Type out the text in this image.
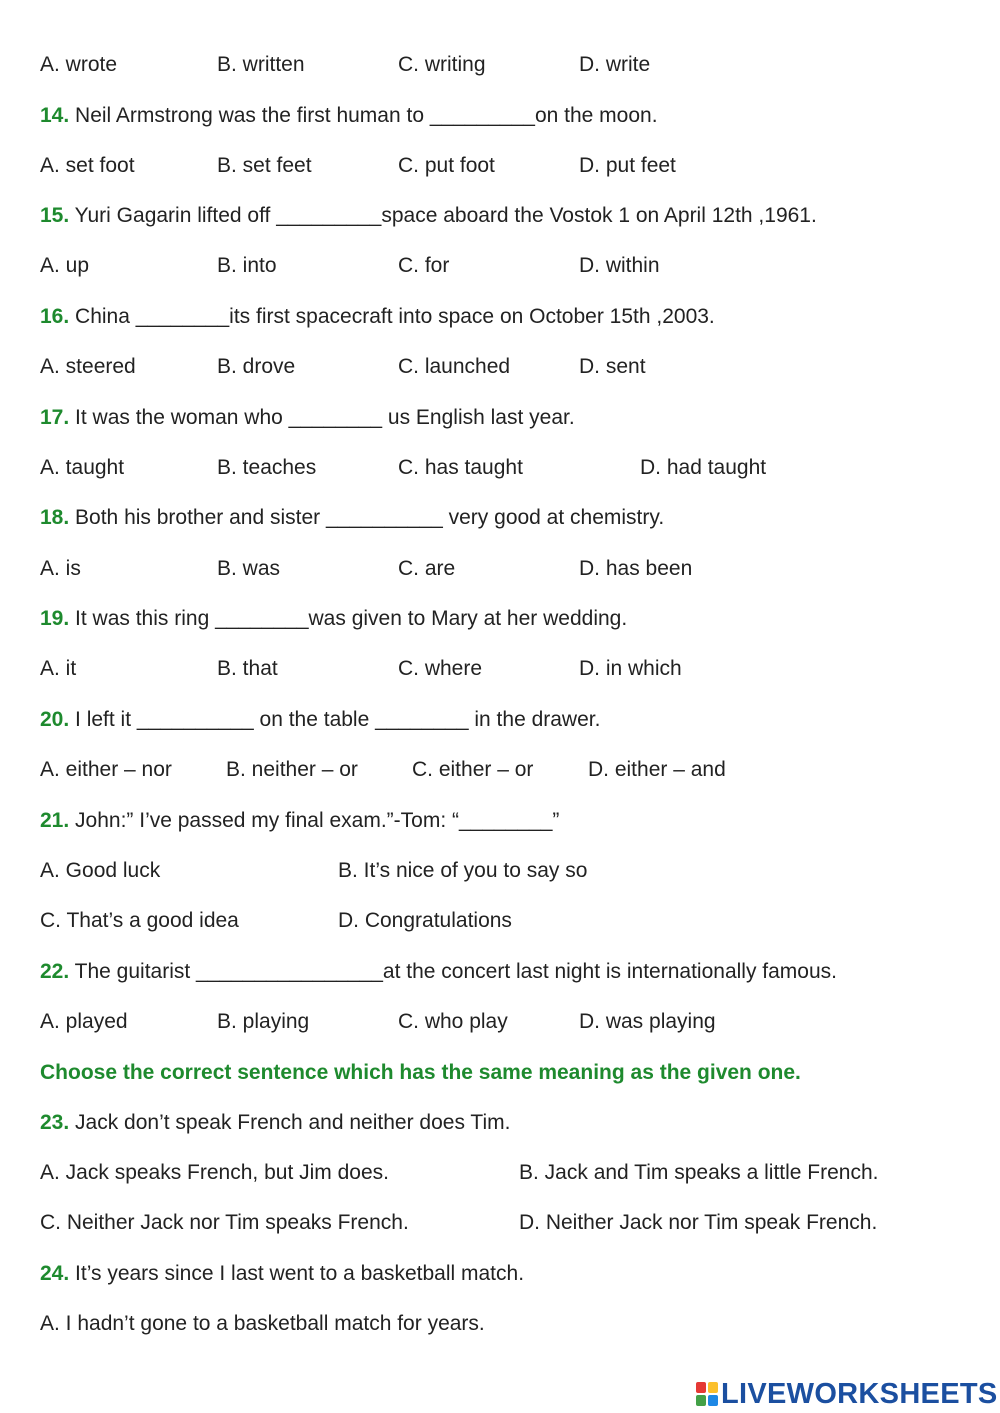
A. wrote	B. written	C. writing	D. write
14. Neil Armstrong was the first human to _________on the moon.
A. set foot	B. set feet	C. put foot	D. put feet
15. Yuri Gagarin lifted off _________space aboard the Vostok 1 on April 12th ,1961.
A. up	B. into	C. for	D. within
16. China ________its first spacecraft into space on October 15th ,2003.
A. steered	B. drove	C. launched	D. sent
17. It was the woman who ________ us English last year.
A. taught	B. teaches	C. has taught	D. had taught
18. Both his brother and sister __________ very good at chemistry.
A. is	B. was	C. are	D. has been
19. It was this ring ________was given to Mary at her wedding.
A. it	B. that	C. where	D. in which
20. I left it __________ on the table ________ in the drawer.
A. either – nor	B. neither – or	C. either – or	D. either – and
21. John:” I’ve passed my final exam.”-Tom: “________”
A. Good luck	B. It’s nice of you to say so
C. That’s a good idea	D. Congratulations
22. The guitarist ________________at the concert last night is internationally famous.
A. played	B. playing	C. who play	D. was playing
Choose the correct sentence which has the same meaning as the given one.
23. Jack don’t speak French and neither does Tim.
A. Jack speaks French, but Jim does.	B. Jack and Tim speaks a little French.
C. Neither Jack nor Tim speaks French.	D. Neither Jack nor Tim speak French.
24. It’s years since I last went to a basketball match.
A. I hadn’t gone to a basketball match for years.
LIVEWORKSHEETS
